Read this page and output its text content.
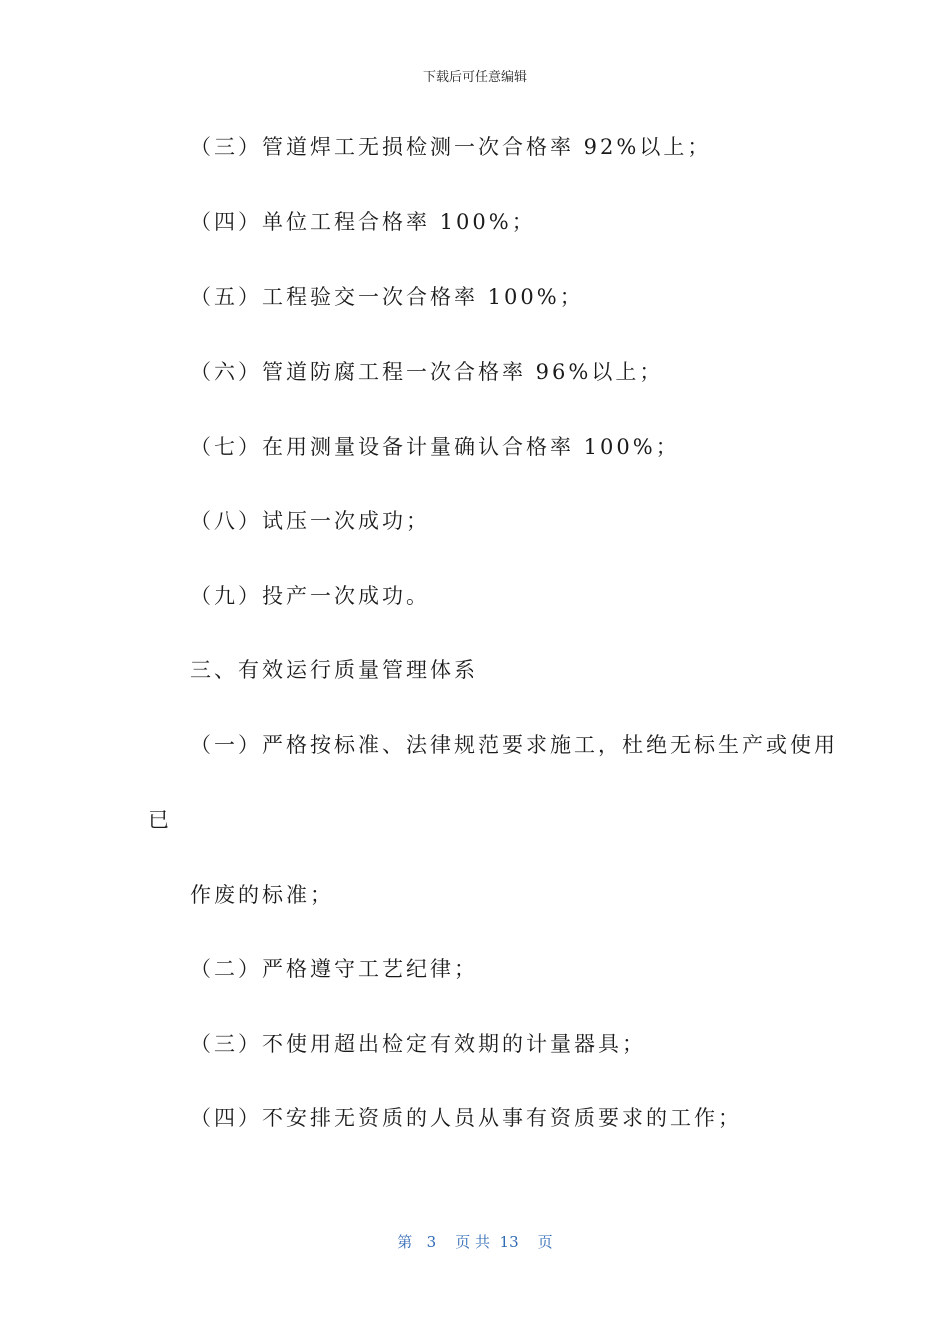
下载后可任意编辑
（三）管道焊工无损检测一次合格率 92%以上；
（四）单位工程合格率 100%；
（五）工程验交一次合格率 100%；
（六）管道防腐工程一次合格率 96%以上；
（七）在用测量设备计量确认合格率 100%；
（八）试压一次成功；
（九）投产一次成功。
三、有效运行质量管理体系
（一）严格按标准、法律规范要求施工，杜绝无标生产或使用
已
作废的标准；
（二）严格遵守工艺纪律；
（三）不使用超出检定有效期的计量器具；
（四）不安排无资质的人员从事有资质要求的工作；
第   3    页 共  13    页
